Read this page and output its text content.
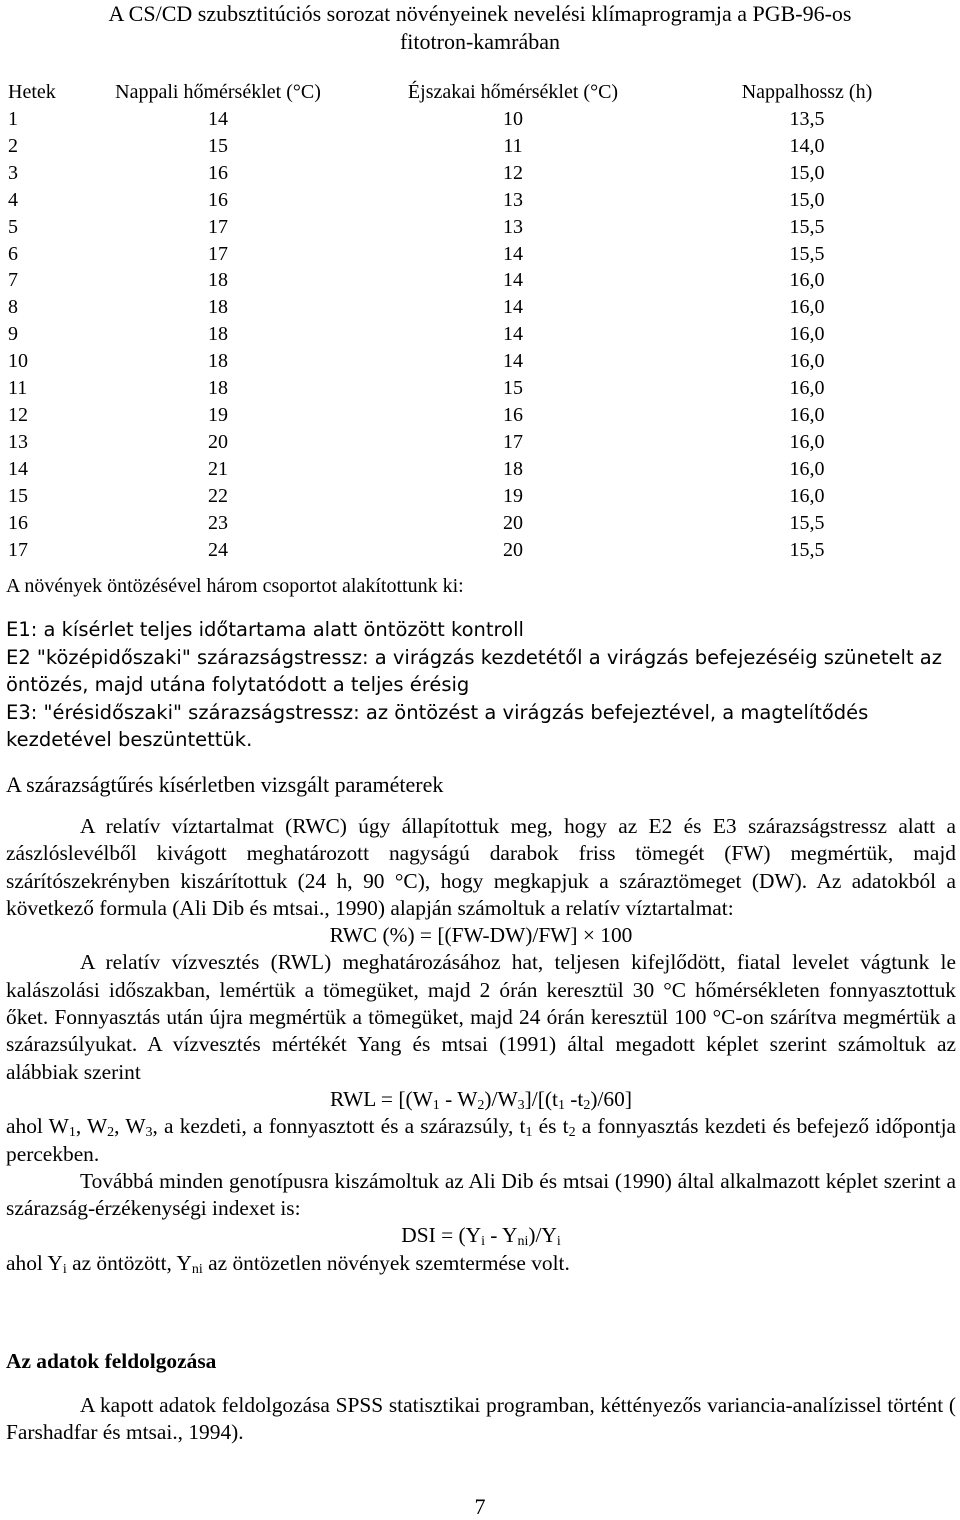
A CS/CD szubsztitúciós sorozat növényeinek nevelési klímaprogramja a PGB-96-os
fitotron-kamrában
Hetek	Nappali hőmérséklet (°C)	Éjszakai hőmérséklet (°C)	Nappalhossz (h)
1	14	10	13,5
2	15	11	14,0
3	16	12	15,0
4	16	13	15,0
5	17	13	15,5
6	17	14	15,5
7	18	14	16,0
8	18	14	16,0
9	18	14	16,0
10	18	14	16,0
11	18	15	16,0
12	19	16	16,0
13	20	17	16,0
14	21	18	16,0
15	22	19	16,0
16	23	20	15,5
17	24	20	15,5
A növények öntözésével három csoportot alakítottunk ki:

E1: a kísérlet teljes időtartama alatt öntözött kontroll

E2 "középidőszaki" szárazságstressz: a virágzás kezdetétől a virágzás befejezéséig szünetelt az öntözés, majd utána folytatódott a teljes érésig

E3: "érésidőszaki" szárazságstressz: az öntözést a virágzás befejeztével, a magtelítődés kezdetével beszüntettük.

A szárazságtűrés kísérletben vizsgált paraméterek

A relatív víztartalmat (RWC) úgy állapítottuk meg, hogy az E2 és E3 szárazságstressz alatt a zászlóslevélből kivágott meghatározott nagyságú darabok friss tömegét (FW) megmértük, majd szárítószekrényben kiszárítottuk (24 h, 90 °C), hogy megkapjuk a száraztömeget (DW). Az adatokból a következő formula (Ali Dib és mtsai., 1990) alapján számoltuk a relatív víztartalmat:

RWC (%) = [(FW-DW)/FW] × 100

A relatív vízvesztés (RWL) meghatározásához hat, teljesen kifejlődött, fiatal levelet vágtunk le kalászolási időszakban, lemértük a tömegüket, majd 2 órán keresztül 30 °C hőmérsékleten fonnyasztottuk őket. Fonnyasztás után újra megmértük a tömegüket, majd 24 órán keresztül 100 °C-on szárítva megmértük a szárazsúlyukat. A vízvesztés mértékét Yang és mtsai (1991) által megadott képlet szerint számoltuk az alábbiak szerint

RWL = $[(W_1 - W_2)/W_3]/[(t_1$ $-t_2)/60$]

ahol $W_1$, $W_2$, $W_3$, a kezdeti, a fonnyasztott és a szárazsúly, $t_1$ és $t_2$ a fonnyasztás kezdeti és befejező időpontja percekben.

Továbbá minden genotípusra kiszámoltuk az Ali Dib és mtsai (1990) által alkalmazott képlet szerint a szárazság-érzékenységi indexet is:

DSI = $(Y_i - Y_{ni})/Y_i$

ahol $Y_i$ az öntözött, $Y_{ni}$ az öntözetlen növények szemtermése volt.

Az adatok feldolgozása

A kapott adatok feldolgozása SPSS statisztikai programban, kéttényezős variancia-analízissel történt ( Farshadfar és mtsai., 1994).

7
